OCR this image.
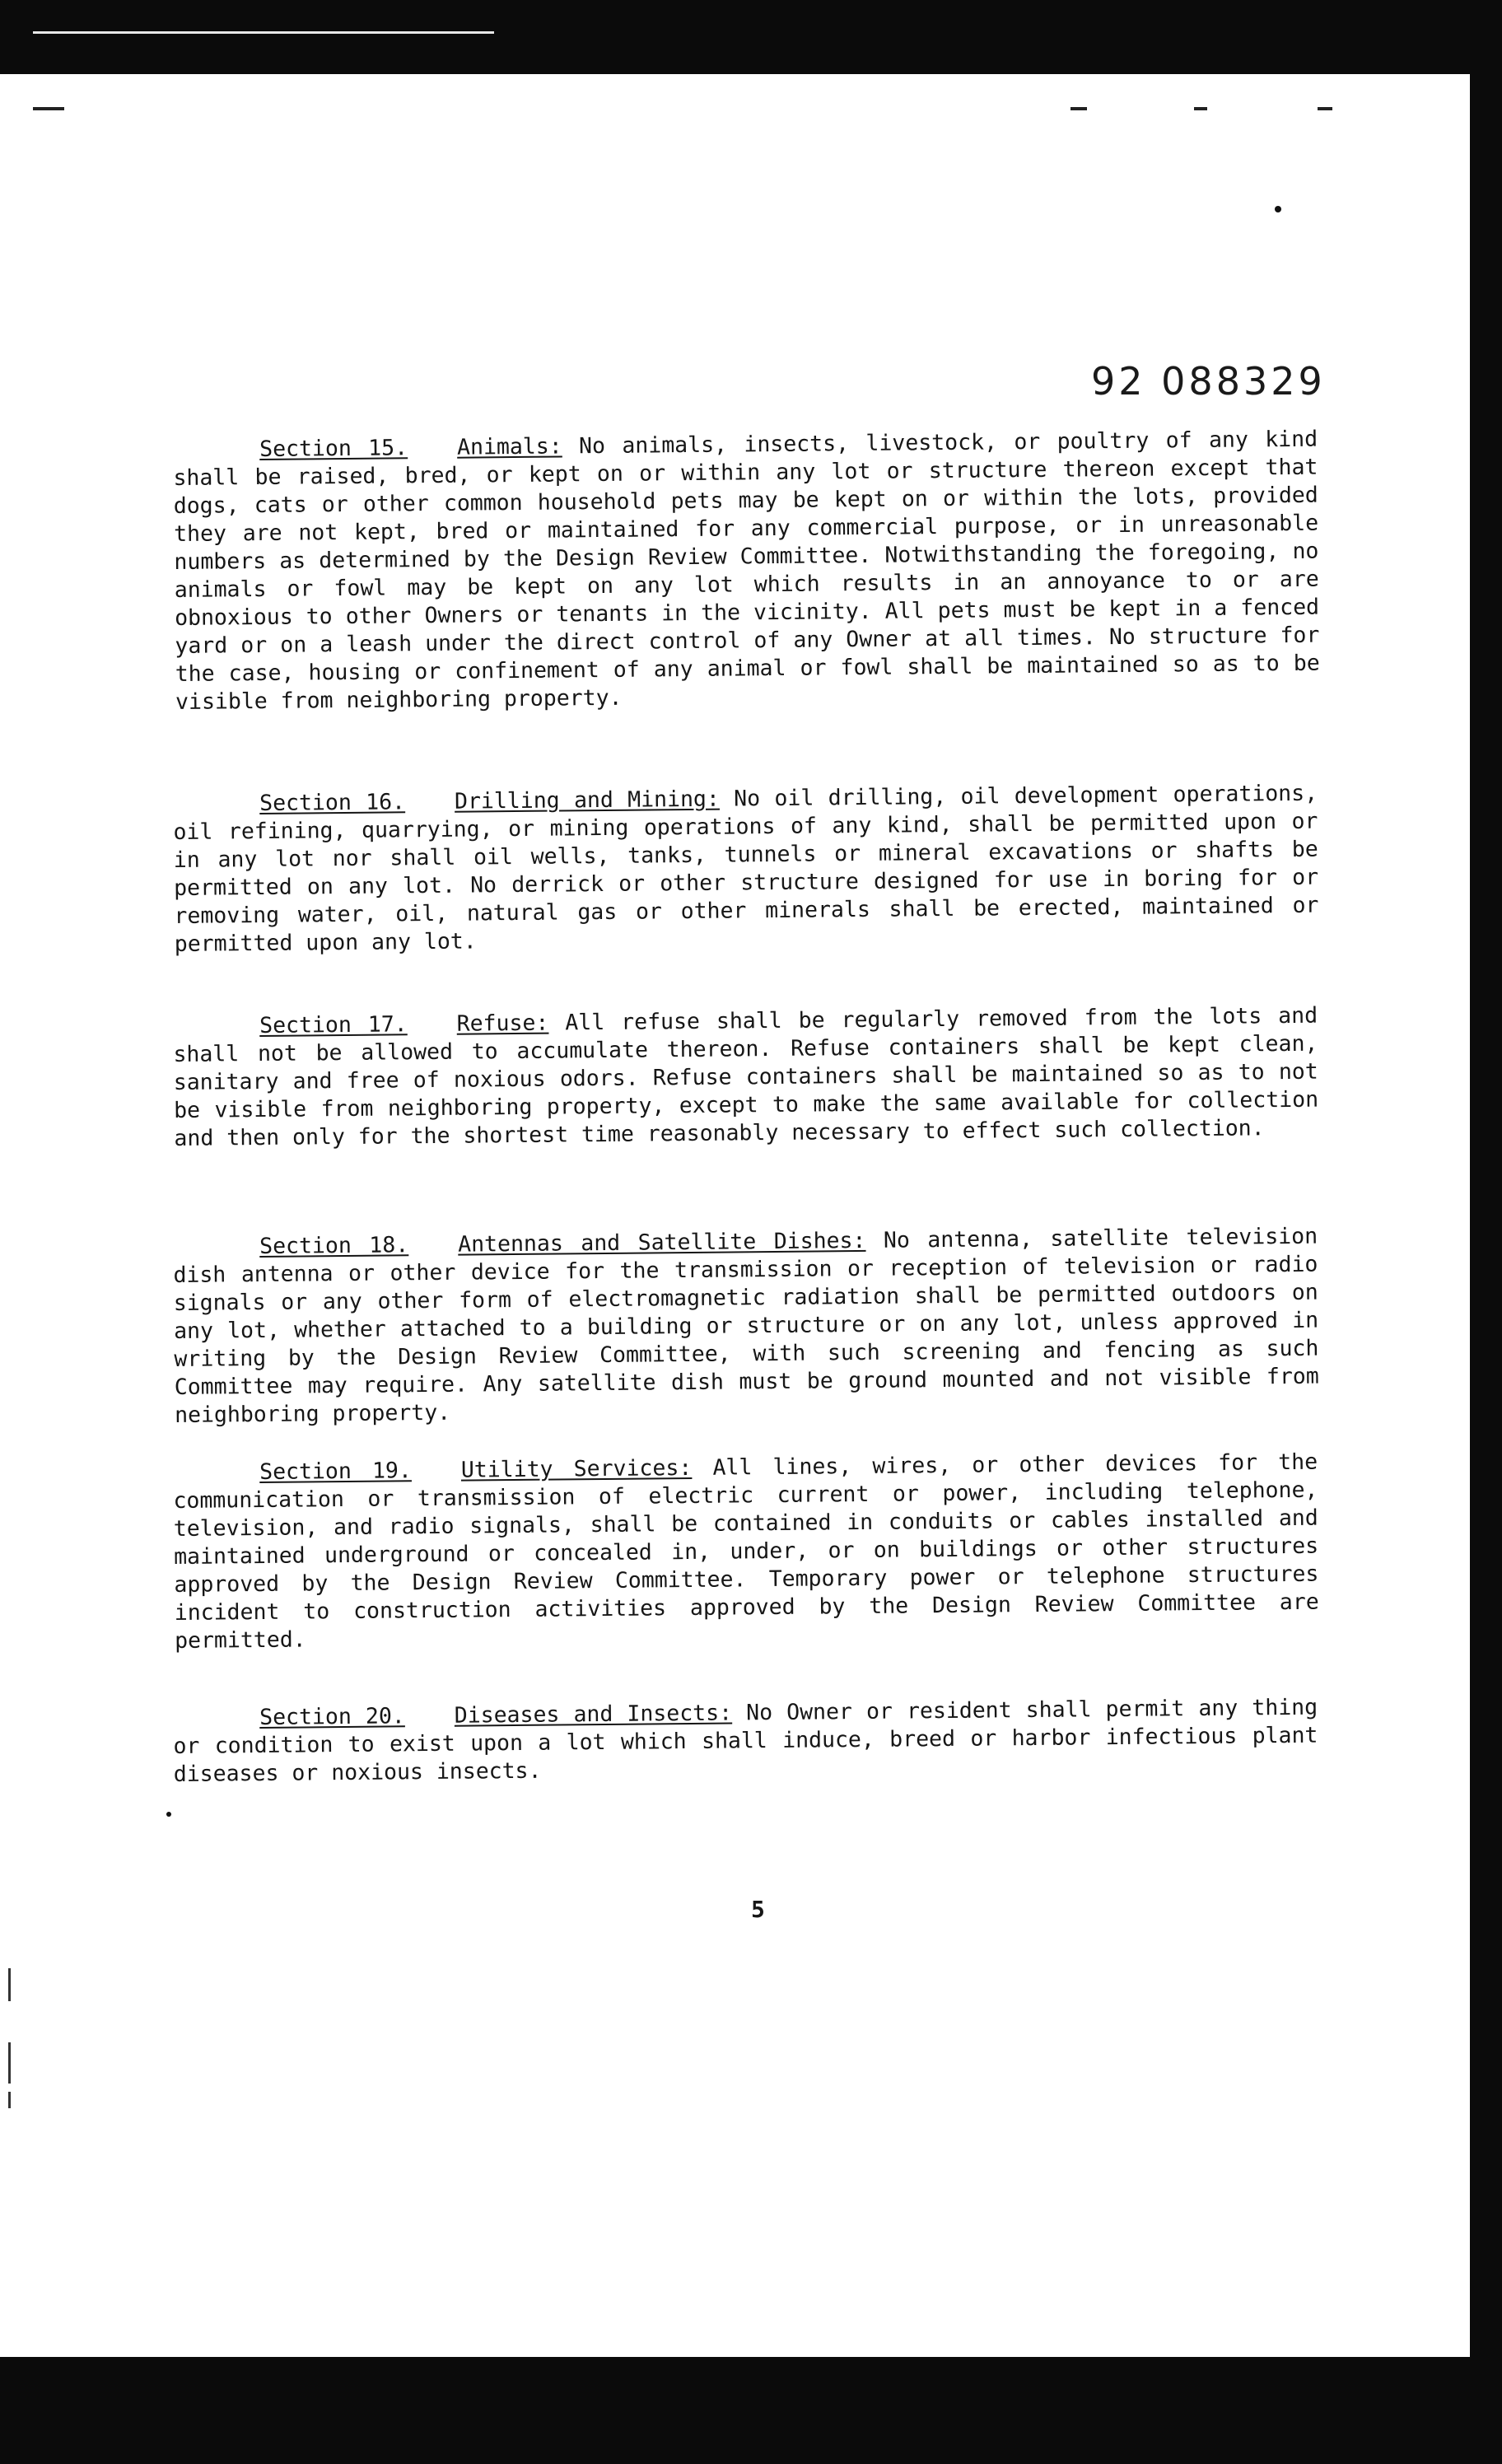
92 088329
Section 15. Animals: No animals, insects, livestock, or poultry of any kind shall be raised, bred, or kept on or within any lot or structure thereon except that dogs, cats or other common household pets may be kept on or within the lots, provided they are not kept, bred or maintained for any commercial purpose, or in unreasonable numbers as determined by the Design Review Committee. Notwithstanding the foregoing, no animals or fowl may be kept on any lot which results in an annoyance to or are obnoxious to other Owners or tenants in the vicinity. All pets must be kept in a fenced yard or on a leash under the direct control of any Owner at all times. No structure for the case, housing or confinement of any animal or fowl shall be maintained so as to be visible from neighboring property.
Section 16. Drilling and Mining: No oil drilling, oil development operations, oil refining, quarrying, or mining operations of any kind, shall be permitted upon or in any lot nor shall oil wells, tanks, tunnels or mineral excavations or shafts be permitted on any lot. No derrick or other structure designed for use in boring for or removing water, oil, natural gas or other minerals shall be erected, maintained or permitted upon any lot.
Section 17. Refuse: All refuse shall be regularly removed from the lots and shall not be allowed to accumulate thereon. Refuse containers shall be kept clean, sanitary and free of noxious odors. Refuse containers shall be maintained so as to not be visible from neighboring property, except to make the same available for collection and then only for the shortest time reasonably necessary to effect such collection.
Section 18. Antennas and Satellite Dishes: No antenna, satellite television dish antenna or other device for the transmission or reception of television or radio signals or any other form of electromagnetic radiation shall be permitted outdoors on any lot, whether attached to a building or structure or on any lot, unless approved in writing by the Design Review Committee, with such screening and fencing as such Committee may require. Any satellite dish must be ground mounted and not visible from neighboring property.
Section 19. Utility Services: All lines, wires, or other devices for the communication or transmission of electric current or power, including telephone, television, and radio signals, shall be contained in conduits or cables installed and maintained underground or concealed in, under, or on buildings or other structures approved by the Design Review Committee. Temporary power or telephone structures incident to construction activities approved by the Design Review Committee are permitted.
Section 20. Diseases and Insects: No Owner or resident shall permit any thing or condition to exist upon a lot which shall induce, breed or harbor infectious plant diseases or noxious insects.
5
